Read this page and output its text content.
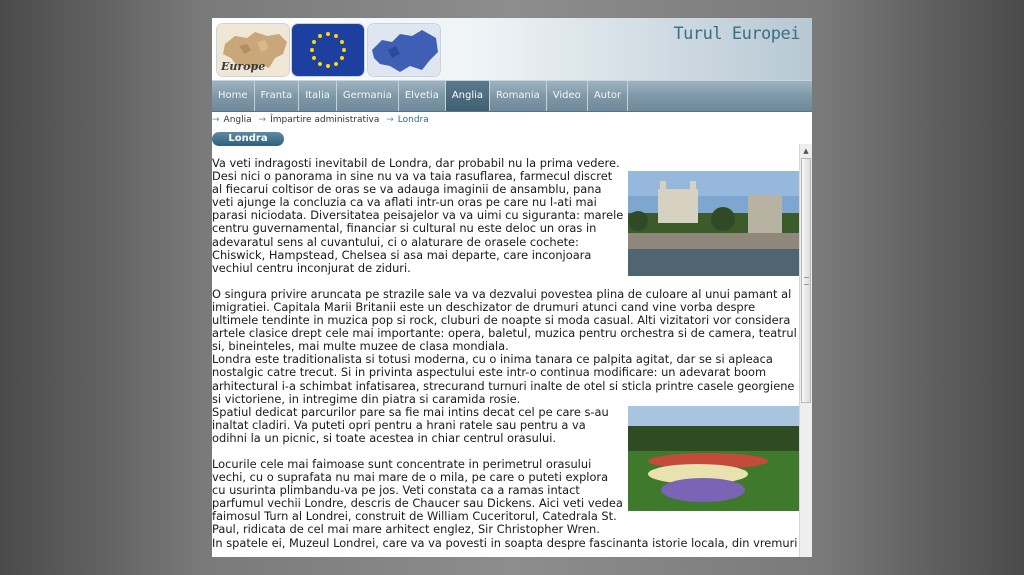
Europe
Turul Europei
Home	Franta	Italia	Germania	Elvetia	Anglia	Romania	Video	Autor
→ Anglia → Împartire administrativa → Londra
Londra

Va veti indragosti inevitabil de Londra, dar probabil nu la prima vedere. Desi nici o panorama in sine nu va va taia rasuflarea, farmecul discret al fiecarui coltisor de oras se va adauga imaginii de ansamblu, pana veti ajunge la concluzia ca va aflati intr-un oras pe care nu l-ati mai parasi niciodata. Diversitatea peisajelor va va uimi cu siguranta: marele centru guvernamental, financiar si cultural nu este deloc un oras in adevaratul sens al cuvantului, ci o alaturare de orasele cochete: Chiswick, Hampstead, Chelsea si asa mai departe, care inconjoara vechiul centru inconjurat de ziduri.

O singura privire aruncata pe strazile sale va va dezvalui povestea plina de culoare al unui pamant al imigratiei. Capitala Marii Britanii este un deschizator de drumuri atunci cand vine vorba despre ultimele tendinte in muzica pop si rock, cluburi de noapte si moda casual. Alti vizitatori vor considera artele clasice drept cele mai importante: opera, baletul, muzica pentru orchestra si de camera, teatrul si, bineinteles, mai multe muzee de clasa mondiala.

Londra este traditionalista si totusi moderna, cu o inima tanara ce palpita agitat, dar se si apleaca nostalgic catre trecut. Si in privinta aspectului este intr-o continua modificare: un adevarat boom arhitectural i-a schimbat infatisarea, strecurand turnuri inalte de otel si sticla printre casele georgiene si victoriene, in intregime din piatra si caramida rosie.

Spatiul dedicat parcurilor pare sa fie mai intins decat cel pe care s-au inaltat cladiri. Va puteti opri pentru a hrani ratele sau pentru a va odihni la un picnic, si toate acestea in chiar centrul orasului.

Locurile cele mai faimoase sunt concentrate in perimetrul orasului vechi, cu o suprafata nu mai mare de o mila, pe care o puteti explora cu usurinta plimbandu-va pe jos. Veti constata ca a ramas intact parfumul vechii Londre, descris de Chaucer sau Dickens. Aici veti vedea faimosul Turn al Londrei, construit de William Cuceritorul, Catedrala St. Paul, ridicata de cel mai mare arhitect englez, Sir Christopher Wren.

In spatele ei, Muzeul Londrei, care va va povesti in soapta despre fascinanta istorie locala, din vremuri

▲
